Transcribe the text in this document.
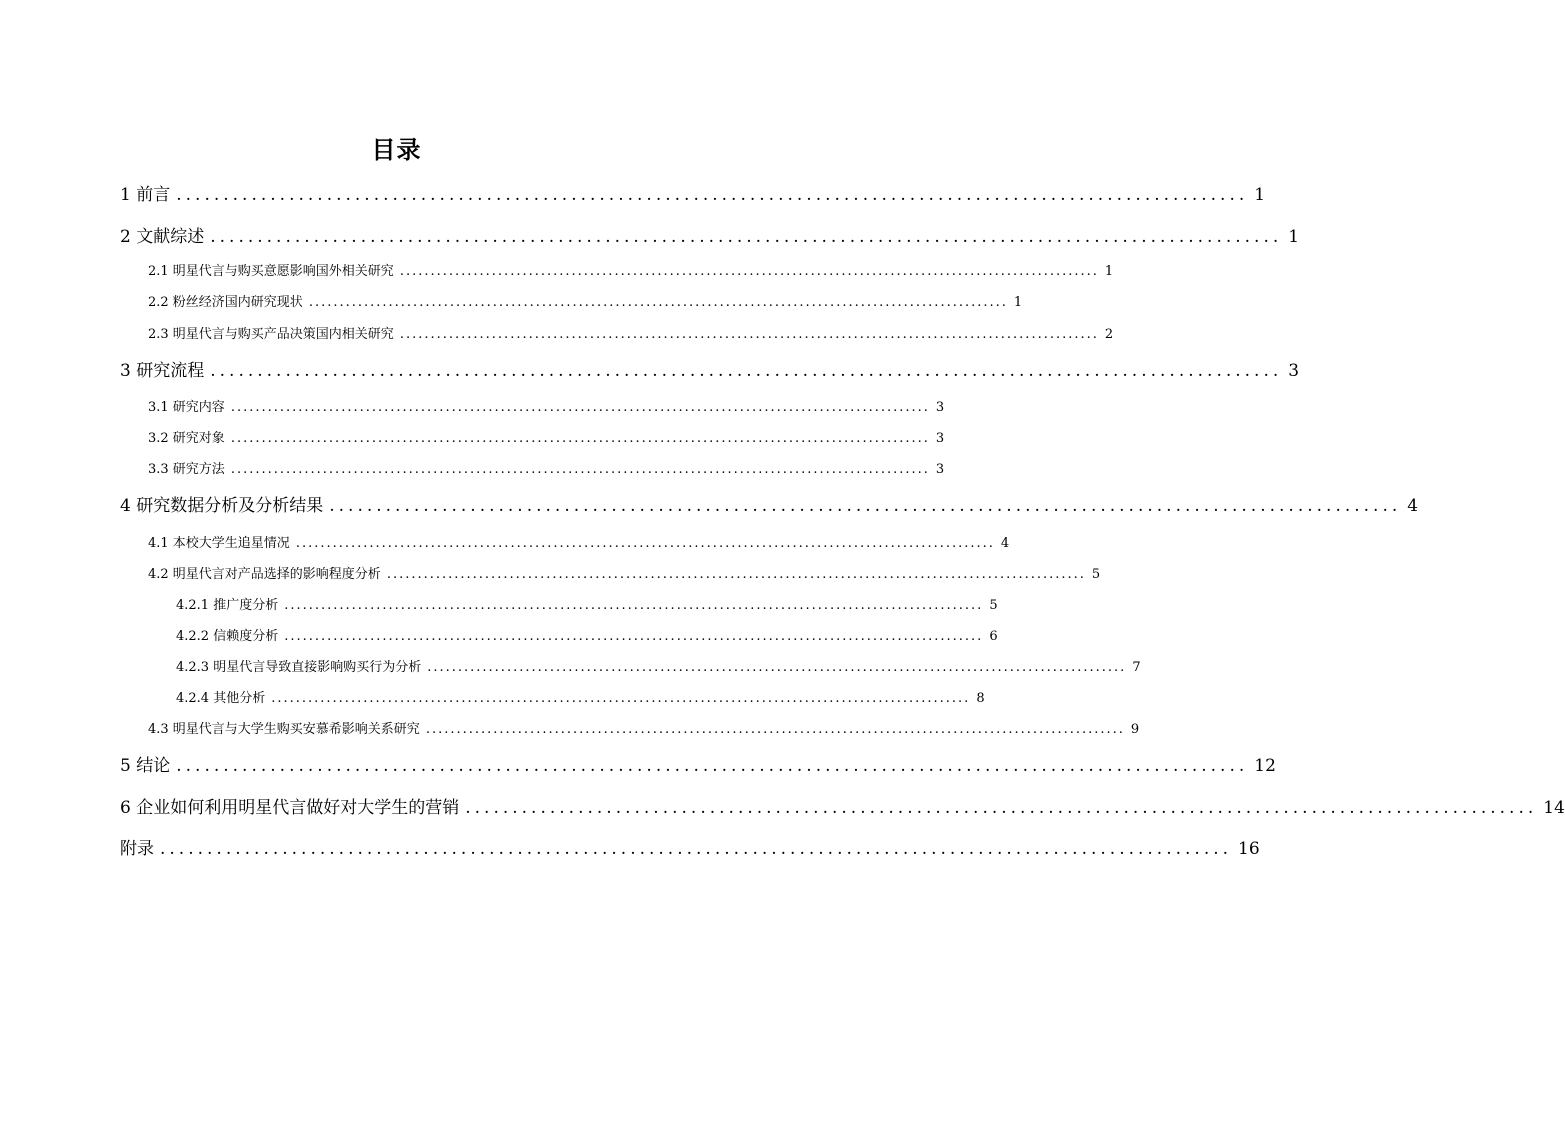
目录
1 前言 .................................................................................................................. 1
2 文献综述 .................................................................................................................. 1
2.1 明星代言与购买意愿影响国外相关研究 .................................................................................................................. 1
2.2 粉丝经济国内研究现状 .................................................................................................................. 1
2.3 明星代言与购买产品决策国内相关研究 .................................................................................................................. 2
3 研究流程 .................................................................................................................. 3
3.1 研究内容 .................................................................................................................. 3
3.2 研究对象 .................................................................................................................. 3
3.3 研究方法 .................................................................................................................. 3
4 研究数据分析及分析结果 .................................................................................................................. 4
4.1 本校大学生追星情况 .................................................................................................................. 4
4.2 明星代言对产品选择的影响程度分析 .................................................................................................................. 5
4.2.1 推广度分析 .................................................................................................................. 5
4.2.2 信赖度分析 .................................................................................................................. 6
4.2.3 明星代言导致直接影响购买行为分析 .................................................................................................................. 7
4.2.4 其他分析 .................................................................................................................. 8
4.3 明星代言与大学生购买安慕希影响关系研究 .................................................................................................................. 9
5 结论 .................................................................................................................. 12
6 企业如何利用明星代言做好对大学生的营销 .................................................................................................................. 14
附录 .................................................................................................................. 16
